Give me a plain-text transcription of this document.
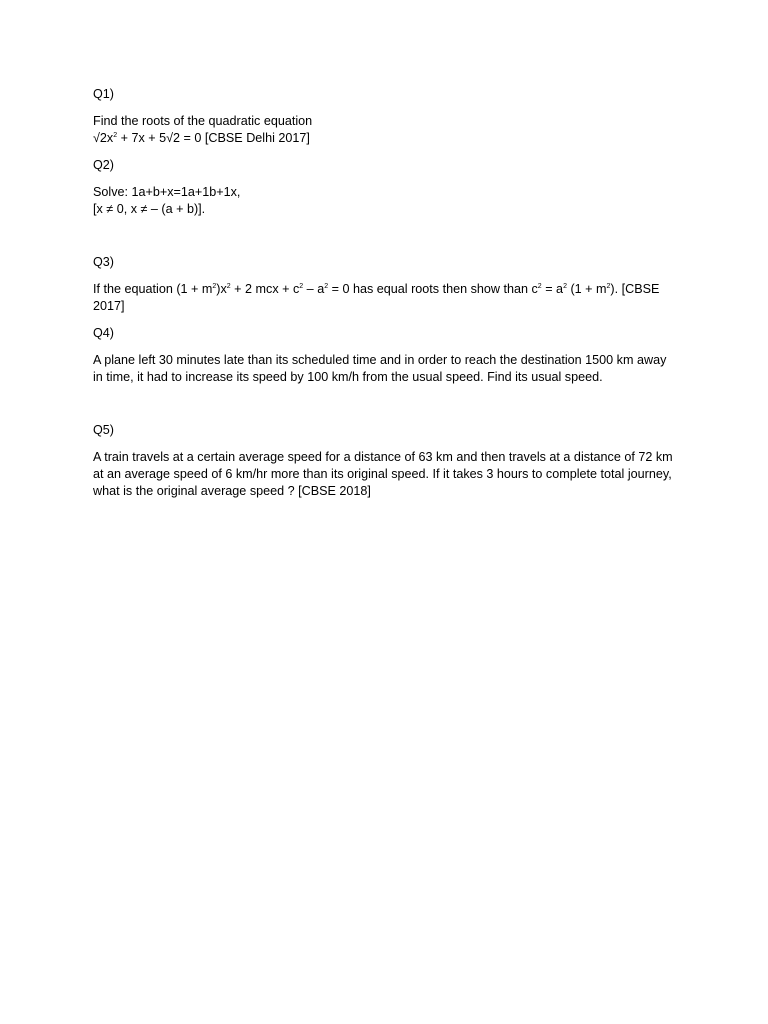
Q1)
Find the roots of the quadratic equation
$√2x^2 + 7x + 5√2 = 0$ [CBSE Delhi 2017]
Q2)
Solve: 1a+b+x=1a+1b+1x,
[x ≠ 0, x ≠ – (a + b)].
Q3)
If the equation $(1 + m^2)x^2 + 2$ mcx + $c^2 - a^2 = 0$ has equal roots then show than $c^2 = a^2$ $(1 + m^2)$. [CBSE 2017]
Q4)
A plane left 30 minutes late than its scheduled time and in order to reach the destination 1500 km away in time, it had to increase its speed by 100 km/h from the usual speed. Find its usual speed.
Q5)
A train travels at a certain average speed for a distance of 63 km and then travels at a distance of 72 km at an average speed of 6 km/hr more than its original speed. If it takes 3 hours to complete total journey, what is the original average speed ? [CBSE 2018]
